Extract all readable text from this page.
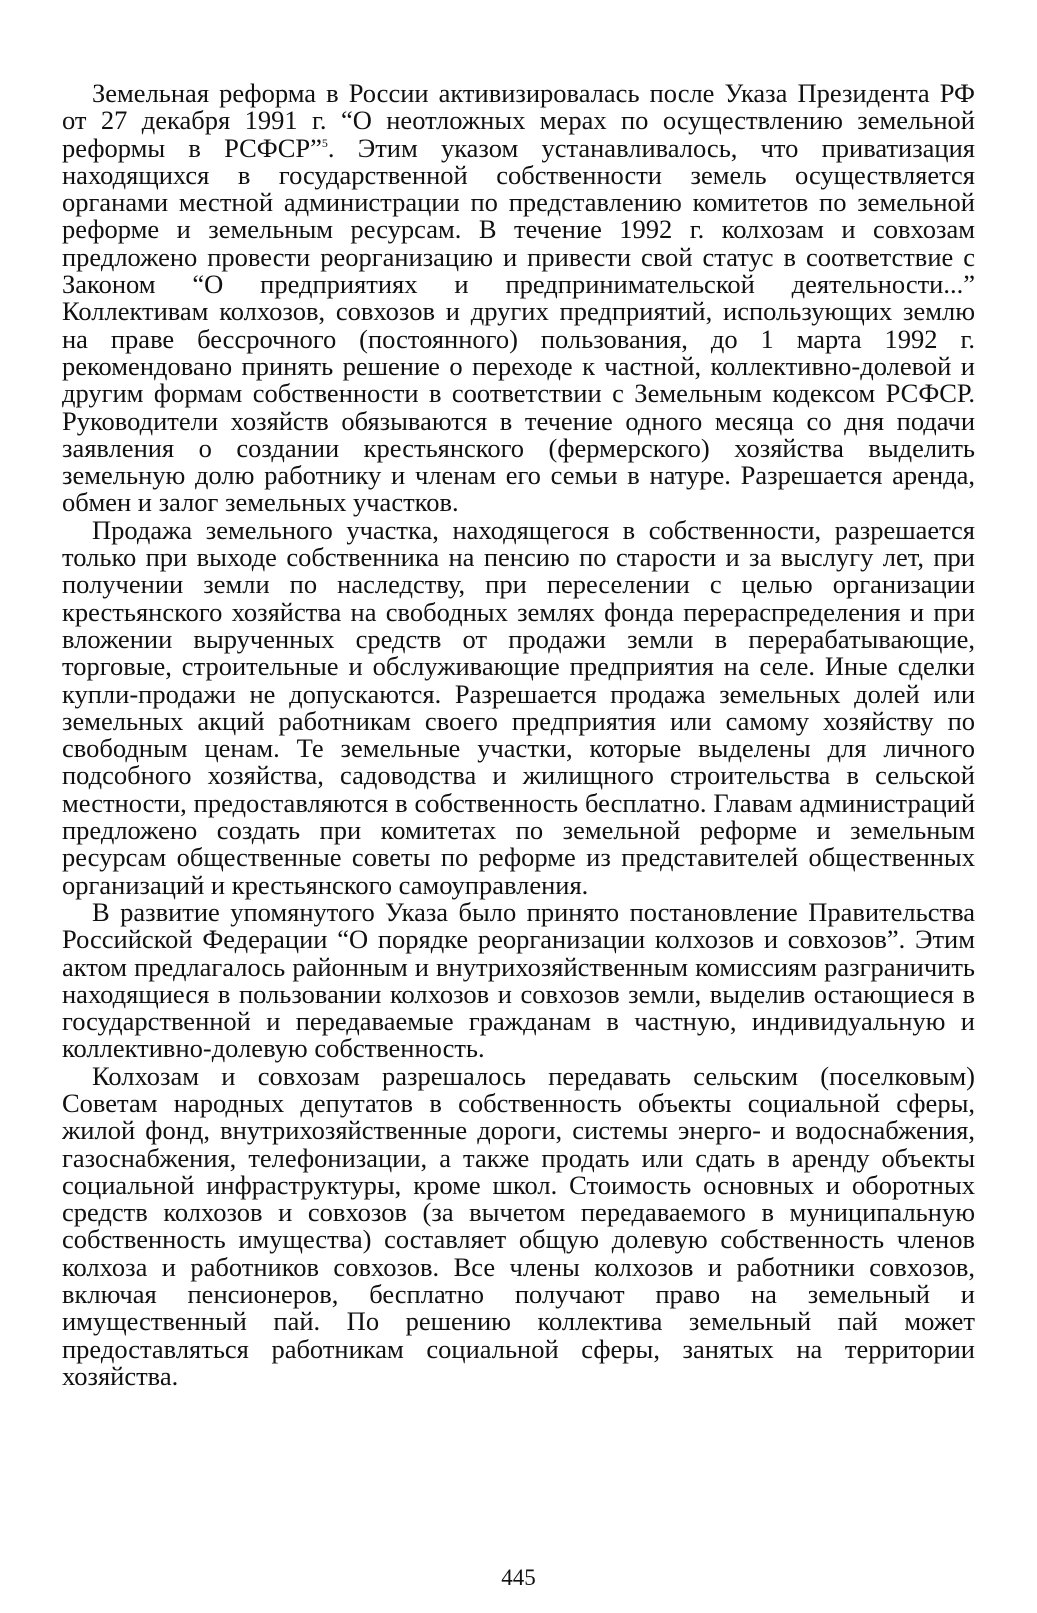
Земельная реформа в России активизировалась после Указа Президента РФ от 27 декабря 1991 г. “О неотложных мерах по осуществлению земельной реформы в РСФСР”$^5$. Этим указом устанавливалось, что приватизация находящихся в государственной собственности земель осуществляется органами местной администрации по представлению комитетов по земельной реформе и земельным ресурсам. В течение 1992 г. колхозам и совхозам предложено провести реорганизацию и привести свой статус в соответствие с Законом “О предприятиях и предпринимательской деятельности...” Коллективам колхозов, совхозов и других предприятий, использующих землю на праве бессрочного (постоянного) пользования, до 1 марта 1992 г. рекомендовано принять решение о переходе к частной, коллективно-долевой и другим формам собственности в соответствии с Земельным кодексом РСФСР. Руководители хозяйств обязываются в течение одного месяца со дня подачи заявления о создании крестьянского (фермерского) хозяйства выделить земельную долю работнику и членам его семьи в натуре. Разрешается аренда, обмен и залог земельных участков.

Продажа земельного участка, находящегося в собственности, разрешается только при выходе собственника на пенсию по старости и за выслугу лет, при получении земли по наследству, при переселении с целью организации крестьянского хозяйства на свободных землях фонда перераспределения и при вложении вырученных средств от продажи земли в перерабатывающие, торговые, строительные и обслуживающие предприятия на селе. Иные сделки купли-продажи не допускаются. Разрешается продажа земельных долей или земельных акций работникам своего предприятия или самому хозяйству по свободным ценам. Те земельные участки, которые выделены для личного подсобного хозяйства, садоводства и жилищного строительства в сельской местности, предоставляются в собственность бесплатно. Главам администраций предложено создать при комитетах по земельной реформе и земельным ресурсам общественные советы по реформе из представителей общественных организаций и крестьянского самоуправления.

В развитие упомянутого Указа было принято постановление Правительства Российской Федерации “О порядке реорганизации колхозов и совхозов”. Этим актом предлагалось районным и внутрихозяйственным комиссиям разграничить находящиеся в пользовании колхозов и совхозов земли, выделив остающиеся в государственной и передаваемые гражданам в частную, индивидуальную и коллективно-долевую собственность.

Колхозам и совхозам разрешалось передавать сельским (поселковым) Советам народных депутатов в собственность объекты социальной сферы, жилой фонд, внутрихозяйственные дороги, системы энерго- и водоснабжения, газоснабжения, телефонизации, а также продать или сдать в аренду объекты социальной инфраструктуры, кроме школ. Стоимость основных и оборотных средств колхозов и совхозов (за вычетом передаваемого в муниципальную собственность имущества) составляет общую долевую собственность членов колхоза и работников совхозов. Все члены колхозов и работники совхозов, включая пенсионеров, бесплатно получают право на земельный и имущественный пай. По решению коллектива земельный пай может предоставляться работникам социальной сферы, занятых на территории хозяйства.

445
